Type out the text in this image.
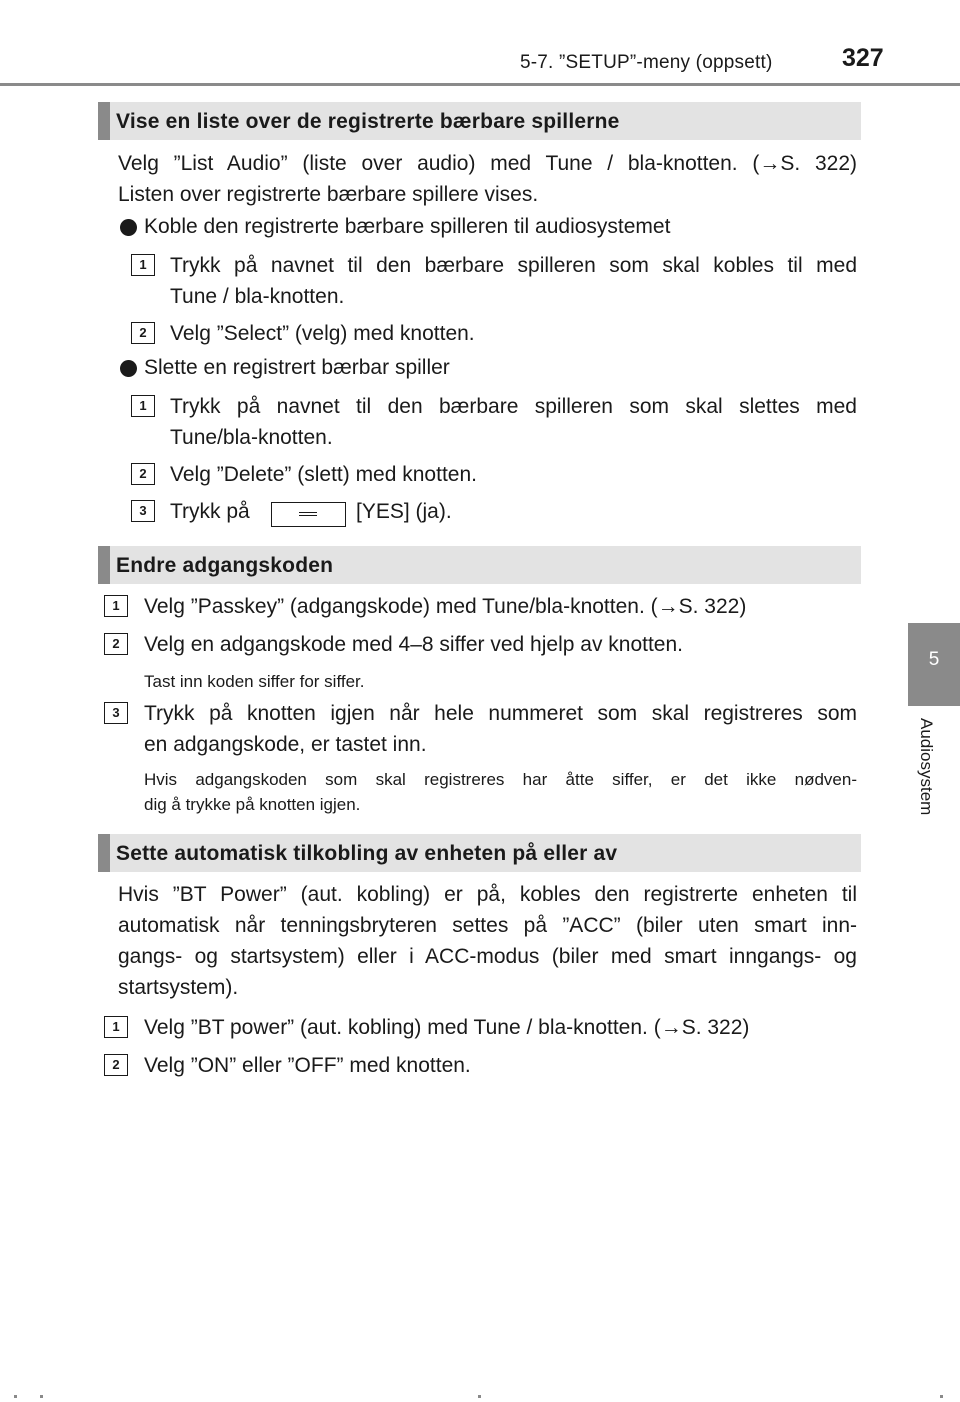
5-7. ”SETUP”-meny (oppsett)	327
5
Audiosystem
Vise en liste over de registrerte bærbare spillerne
Velg ”List Audio” (liste over audio) med Tune / bla-knotten. (→S. 322)
Listen over registrerte bærbare spillere vises.
Koble den registrerte bærbare spilleren til audiosystemet
1	Trykk på navnet til den bærbare spilleren som skal kobles til med
Tune / bla-knotten.
2	Velg ”Select” (velg) med knotten.
Slette en registrert bærbar spiller
1	Trykk på navnet til den bærbare spilleren som skal slettes med
Tune/bla-knotten.
2	Velg ”Delete” (slett) med knotten.
3	Trykk på	[YES] (ja).
Endre adgangskoden
1	Velg ”Passkey” (adgangskode) med Tune/bla-knotten. (→S. 322)
2	Velg en adgangskode med 4–8 siffer ved hjelp av knotten.
Tast inn koden siffer for siffer.
3	Trykk på knotten igjen når hele nummeret som skal registreres som
en adgangskode, er tastet inn.
Hvis adgangskoden som skal registreres har åtte siffer, er det ikke nødven-
dig å trykke på knotten igjen.
Sette automatisk tilkobling av enheten på eller av
Hvis ”BT Power” (aut. kobling) er på, kobles den registrerte enheten til
automatisk når tenningsbryteren settes på ”ACC” (biler uten smart inn-
gangs- og startsystem) eller i ACC-modus (biler med smart inngangs- og
startsystem).
1	Velg ”BT power” (aut. kobling) med Tune / bla-knotten. (→S. 322)
2	Velg ”ON” eller ”OFF” med knotten.
